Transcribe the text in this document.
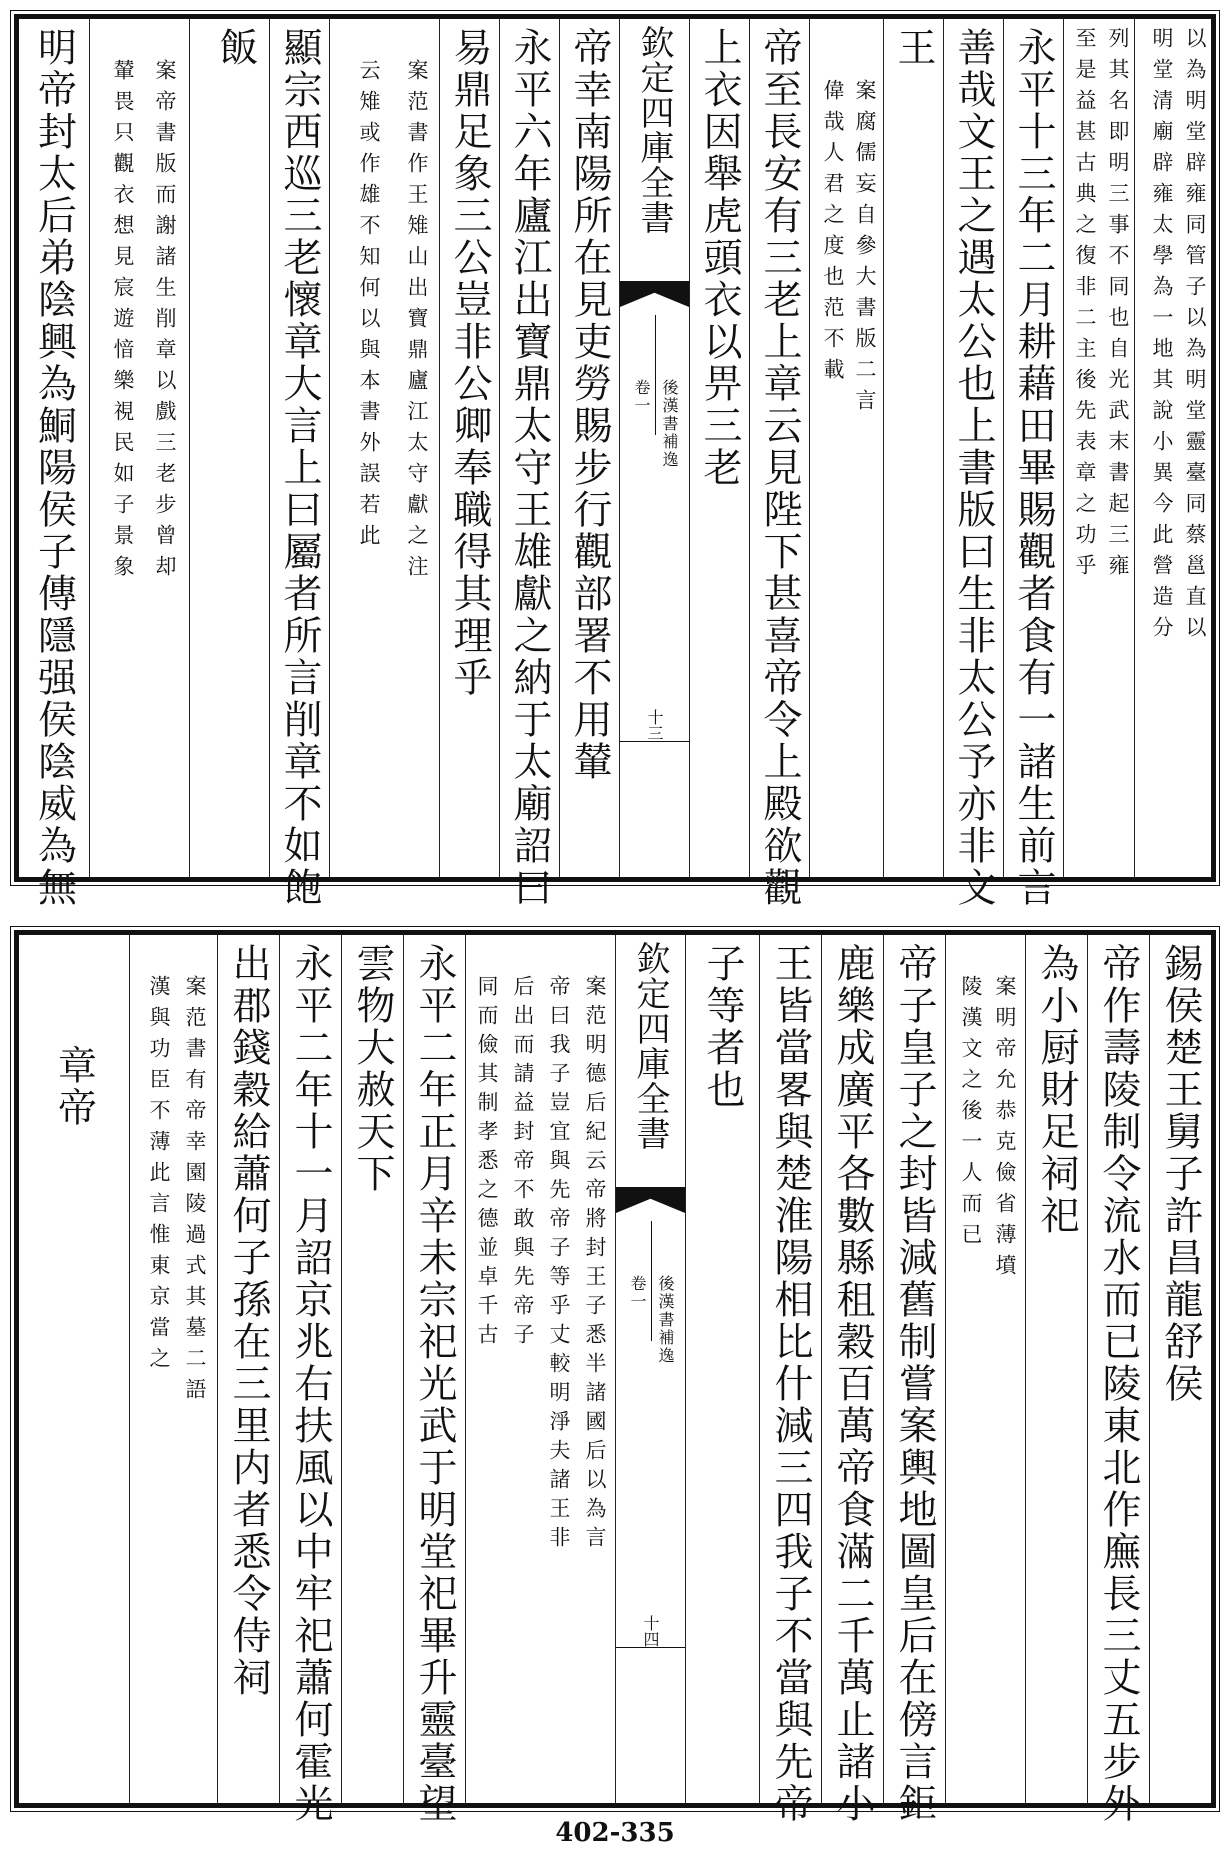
以為明堂辟雍同管子以為明堂靈臺同蔡邕直以
明堂清廟辟雍太學為一地其說小異今此營造分
列其名即明三事不同也自光武末書起三雍
至是益甚古典之復非二主後先表章之功乎
永平十三年二月耕藉田畢賜觀者食有一諸生前言
善哉文王之遇太公也上書版曰生非太公予亦非文
王
案腐儒妄自參大書版二言
偉哉人君之度也范不載
帝至長安有三老上章云見陛下甚喜帝令上殿欲觀
上衣因舉虎頭衣以畀三老
欽定四庫全書
後漢書補逸
卷一
十三
帝幸南陽所在見吏勞賜步行觀部署不用輦
永平六年廬江出寶鼎太守王雄獻之納于太廟詔曰
易鼎足象三公豈非公卿奉職得其理乎
案范書作王雉山出寶鼎廬江太守獻之注
云雉或作雄不知何以與本書外誤若此
顯宗西巡三老懷章大言上曰屬者所言削章不如飽
飯
案帝書版而謝諸生削章以戲三老步曾却
輦畏只觀衣想見宸遊愔樂視民如子景象
明帝封太后弟陰興為鮦陽侯子傳隱强侯陰威為無
錫侯楚王舅子許昌龍舒侯
帝作壽陵制令流水而已陵東北作廡長三丈五步外
為小厨財足祠祀
案明帝允恭克儉省薄墳
陵漢文之後一人而已
帝子皇子之封皆減舊制嘗案輿地圖皇后在傍言鉅
鹿樂成廣平各數縣租穀百萬帝食滿二千萬止諸小
王皆當畧與楚淮陽相比什減三四我子不當與先帝
子等者也
欽定四庫全書
後漢書補逸
卷一
十四
案范明德后紀云帝將封王子悉半諸國后以為言
帝曰我子豈宜與先帝子等乎丈較明淨夫諸王非
后出而請益封帝不敢與先帝子
同而儉其制孝悉之德並卓千古
永平二年正月辛未宗祀光武于明堂祀畢升靈臺望
雲物大赦天下
永平二年十一月詔京兆右扶風以中牢祀蕭何霍光
出郡錢穀給蕭何子孫在三里内者悉令侍祠
案范書有帝幸園陵過式其墓二語
漢與功臣不薄此言惟東京當之
章帝
402-335
